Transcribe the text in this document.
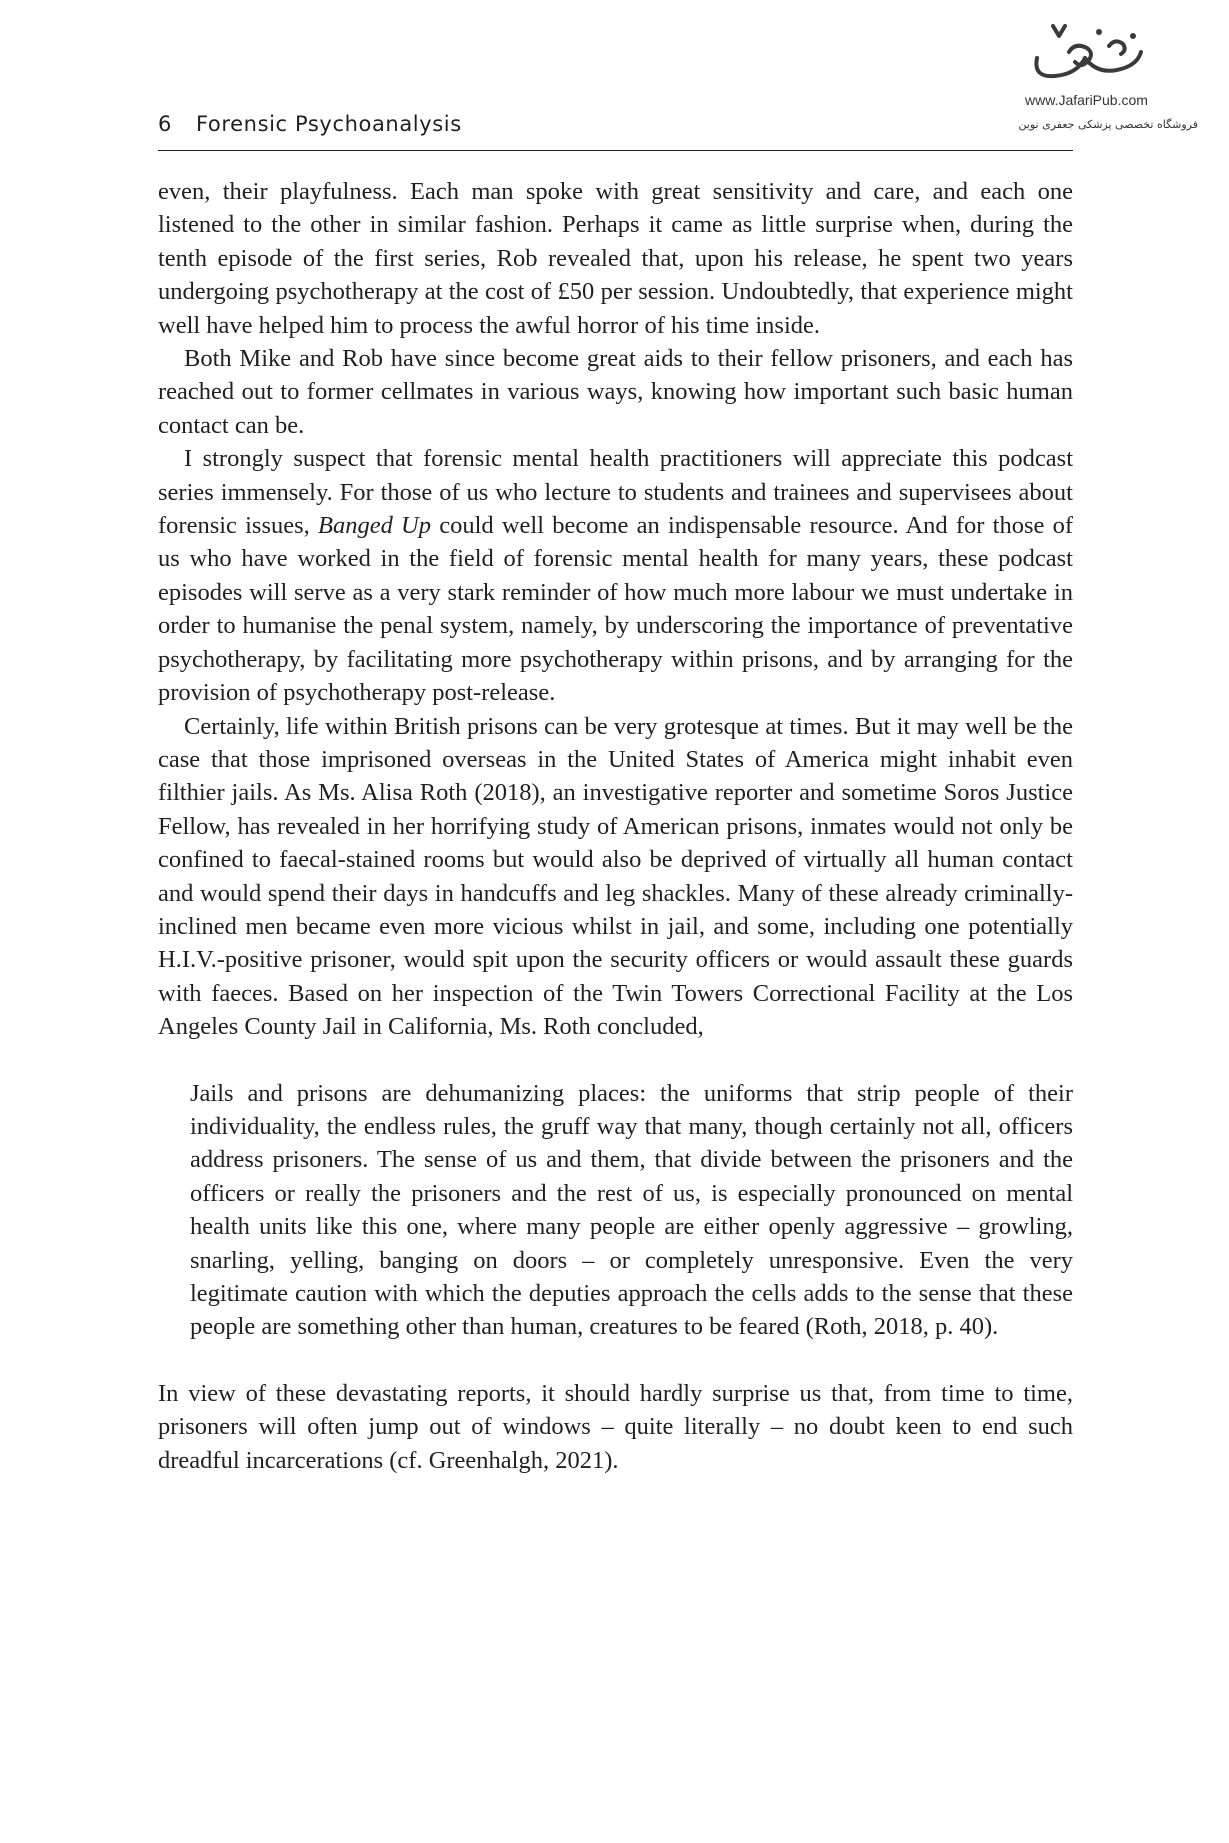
www.JafariPub.com
فروشگاه تخصصی پزشکی جعفری نوین
6 Forensic Psychoanalysis

even, their playfulness. Each man spoke with great sensitivity and care, and each one listened to the other in similar fashion. Perhaps it came as little surprise when, during the tenth episode of the first series, Rob revealed that, upon his release, he spent two years undergoing psychotherapy at the cost of £50 per session. Undoubtedly, that experience might well have helped him to process the awful horror of his time inside.

Both Mike and Rob have since become great aids to their fellow prisoners, and each has reached out to former cellmates in various ways, knowing how important such basic human contact can be.

I strongly suspect that forensic mental health practitioners will appreciate this podcast series immensely. For those of us who lecture to students and trainees and supervisees about forensic issues, Banged Up could well become an indispensable resource. And for those of us who have worked in the field of forensic mental health for many years, these podcast episodes will serve as a very stark reminder of how much more labour we must undertake in order to humanise the penal system, namely, by underscoring the importance of preventative psychotherapy, by facilitating more psychotherapy within prisons, and by arranging for the provision of psychotherapy post-release.

Certainly, life within British prisons can be very grotesque at times. But it may well be the case that those imprisoned overseas in the United States of America might inhabit even filthier jails. As Ms. Alisa Roth (2018), an investigative reporter and sometime Soros Justice Fellow, has revealed in her horrifying study of American prisons, inmates would not only be confined to faecal-stained rooms but would also be deprived of virtually all human contact and would spend their days in handcuffs and leg shackles. Many of these already criminally-inclined men became even more vicious whilst in jail, and some, including one potentially H.I.V.-positive prisoner, would spit upon the security officers or would assault these guards with faeces. Based on her inspection of the Twin Towers Correctional Facility at the Los Angeles County Jail in California, Ms. Roth concluded,

Jails and prisons are dehumanizing places: the uniforms that strip people of their individuality, the endless rules, the gruff way that many, though certainly not all, officers address prisoners. The sense of us and them, that divide between the prisoners and the officers or really the prisoners and the rest of us, is especially pronounced on mental health units like this one, where many people are either openly aggressive – growling, snarling, yelling, banging on doors – or completely unresponsive. Even the very legitimate caution with which the deputies approach the cells adds to the sense that these people are something other than human, creatures to be feared (Roth, 2018, p. 40).

In view of these devastating reports, it should hardly surprise us that, from time to time, prisoners will often jump out of windows – quite literally – no doubt keen to end such dreadful incarcerations (cf. Greenhalgh, 2021).
